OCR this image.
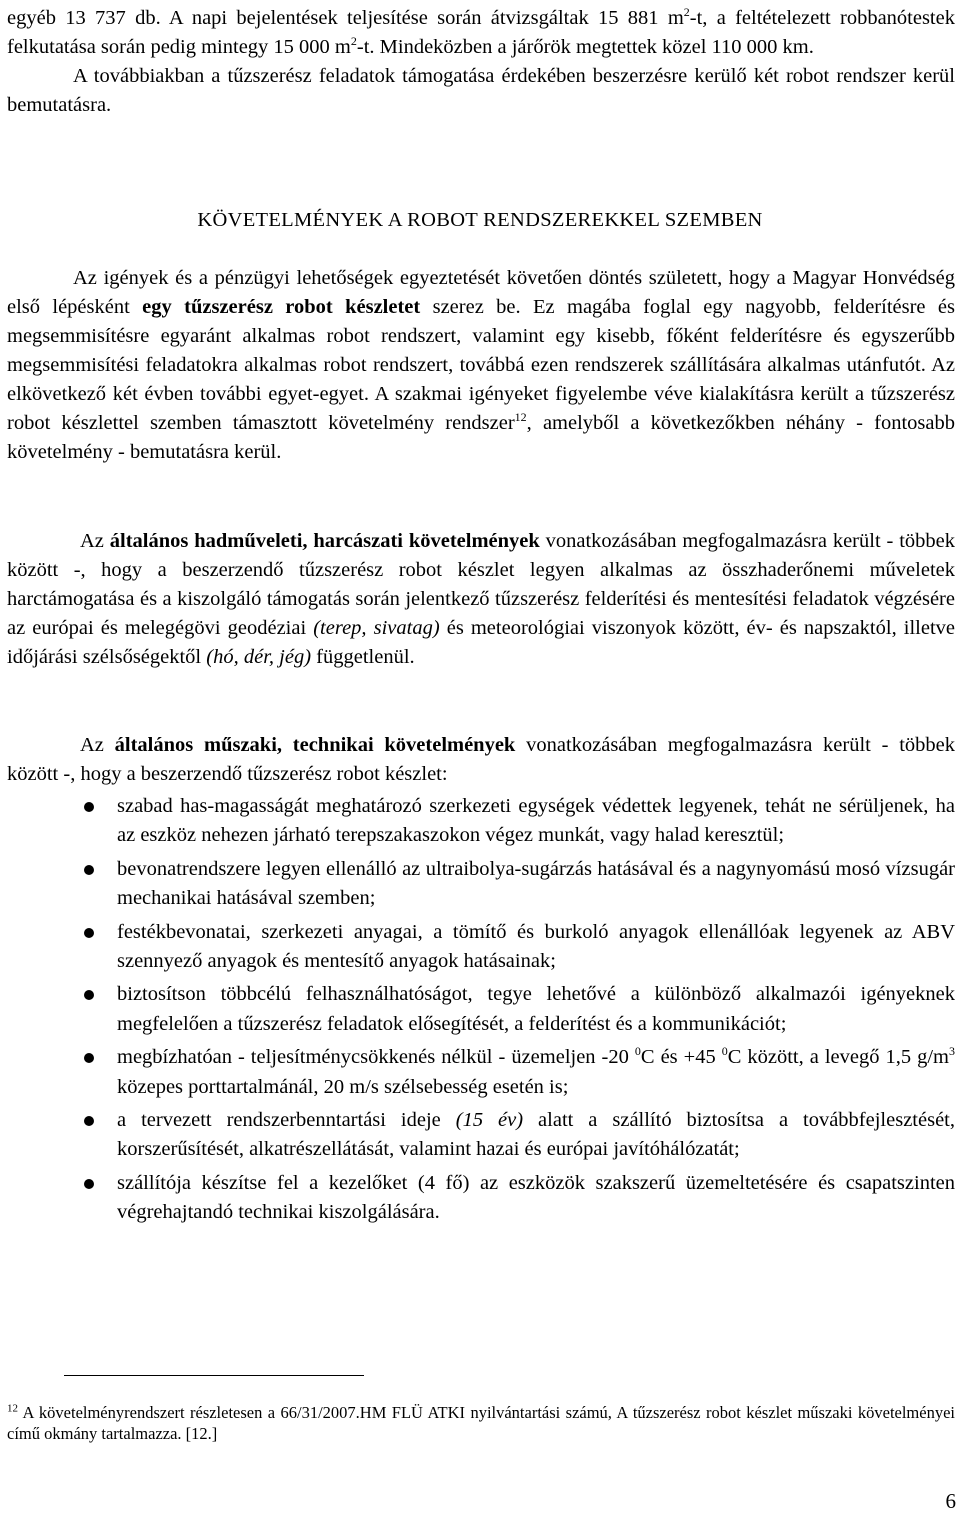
egyéb 13 737 db. A napi bejelentések teljesítése során átvizsgáltak 15 881 $m^2-t$, a feltételezett robbanótestek felkutatása során pedig mintegy 15 000 $m^2-t$. Mindeközben a járőrök megtettek közel 110 000 km.
A továbbiakban a tűzszerész feladatok támogatása érdekében beszerzésre kerülő két robot rendszer kerül bemutatásra.

KÖVETELMÉNYEK A ROBOT RENDSZEREKKEL SZEMBEN

Az igények és a pénzügyi lehetőségek egyeztetését követően döntés született, hogy a Magyar Honvédség első lépésként egy tűzszerész robot készletet szerez be. Ez magába foglal egy nagyobb, felderítésre és megsemmisítésre egyaránt alkalmas robot rendszert, valamint egy kisebb, főként felderítésre és egyszerűbb megsemmisítési feladatokra alkalmas robot rendszert, továbbá ezen rendszerek szállítására alkalmas utánfutót. Az elkövetkező két évben további egyet-egyet. A szakmai igényeket figyelembe véve kialakításra került a tűzszerész robot készlettel szemben támasztott követelmény rendszer$^{12}$, amelyből a következőkben néhány - fontosabb követelmény - bemutatásra kerül.

Az általános hadműveleti, harcászati követelmények vonatkozásában megfogalmazásra került - többek között -, hogy a beszerzendő tűzszerész robot készlet legyen alkalmas az összhaderőnemi műveletek harctámogatása és a kiszolgáló támogatás során jelentkező tűzszerész felderítési és mentesítési feladatok végzésére az európai és melegégövi geodéziai (terep, sivatag) és meteorológiai viszonyok között, év- és napszaktól, illetve időjárási szélsőségektől (hó, dér, jég) függetlenül.

Az általános műszaki, technikai követelmények vonatkozásában megfogalmazásra került - többek között -, hogy a beszerzendő tűzszerész robot készlet:

szabad has-magasságát meghatározó szerkezeti egységek védettek legyenek, tehát ne sérüljenek, ha az eszköz nehezen járható terepszakaszokon végez munkát, vagy halad keresztül;
bevonatrendszere legyen ellenálló az ultraibolya-sugárzás hatásával és a nagynyomású mosó vízsugár mechanikai hatásával szemben;
festékbevonatai, szerkezeti anyagai, a tömítő és burkoló anyagok ellenállóak legyenek az ABV szennyező anyagok és mentesítő anyagok hatásainak;
biztosítson többcélú felhasználhatóságot, tegye lehetővé a különböző alkalmazói igényeknek megfelelően a tűzszerész feladatok elősegítését, a felderítést és a kommunikációt;
megbízhatóan - teljesítménycsökkenés nélkül - üzemeljen -20 $^0$C és +45 $^0$C között, a levegő 1,5 $g/m^3$ közepes porttartalmánál, 20 m/s szélsebesség esetén is;
a tervezett rendszerbenntartási ideje (15 év) alatt a szállító biztosítsa a továbbfejlesztését, korszerűsítését, alkatrészellátását, valamint hazai és európai javítóhálózatát;
szállítója készítse fel a kezelőket (4 fő) az eszközök szakszerű üzemeltetésére és csapatszinten végrehajtandó technikai kiszolgálására.

$^{12}$ A követelményrendszert részletesen a 66/31/2007.HM FLÜ ATKI nyilvántartási számú, A tűzszerész robot készlet műszaki követelményei című okmány tartalmazza. [12.]

6
